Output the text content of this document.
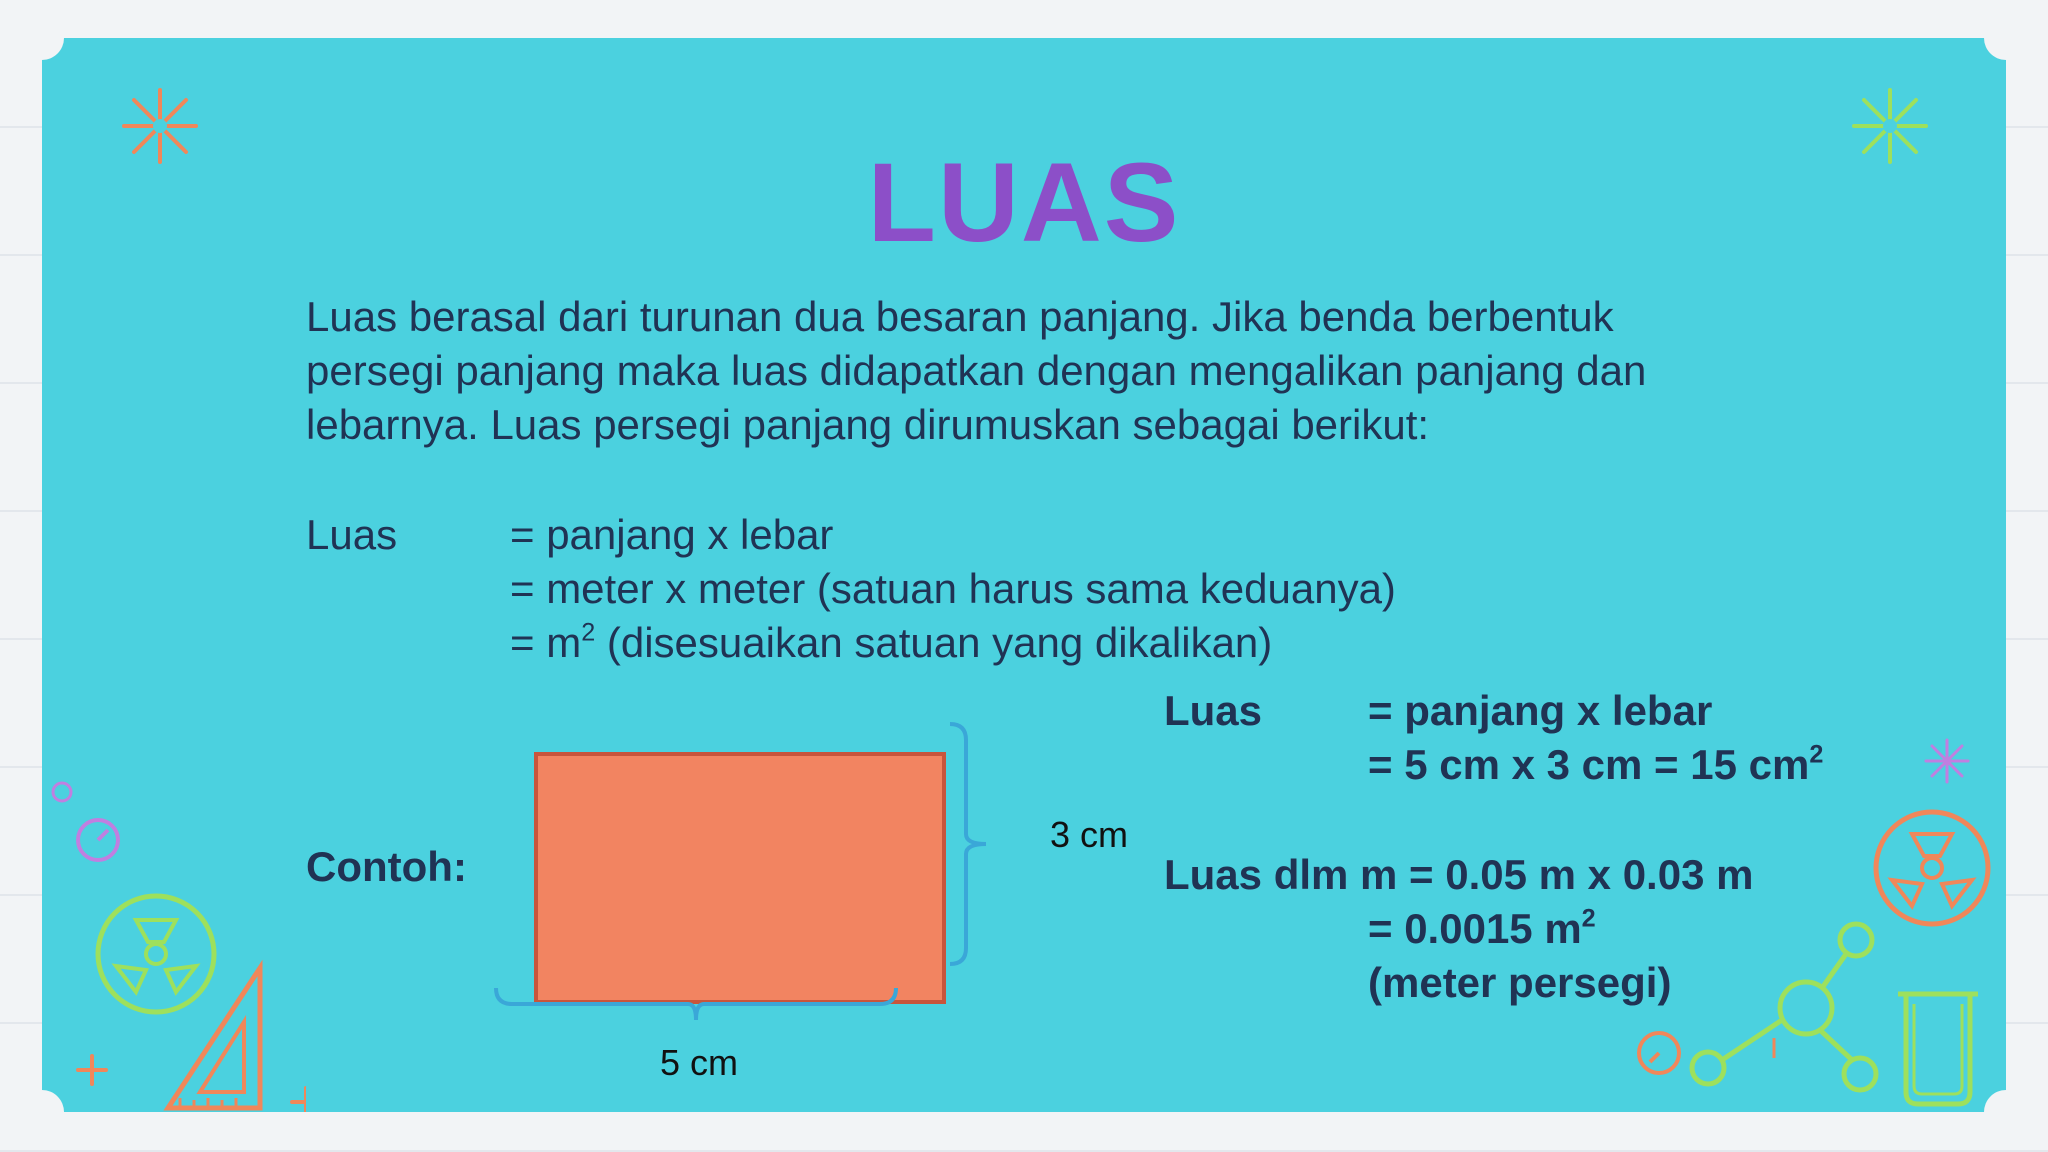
LUAS

Luas berasal dari turunan dua besaran panjang. Jika benda berbentuk

persegi panjang maka luas didapatkan dengan mengalikan panjang dan

lebarnya. Luas persegi panjang dirumuskan sebagai berikut:

Luas	= panjang x lebar

= meter x meter (satuan harus sama keduanya)

= $m^2$ (disesuaikan satuan yang dikalikan)

Contoh:

3 cm
5 cm

Luas	= panjang x lebar

= 5 cm x 3 cm = 15 $cm^2$

Luas dlm m = 0.05 m x 0.03 m

= 0.0015 $m^2$

(meter persegi)
